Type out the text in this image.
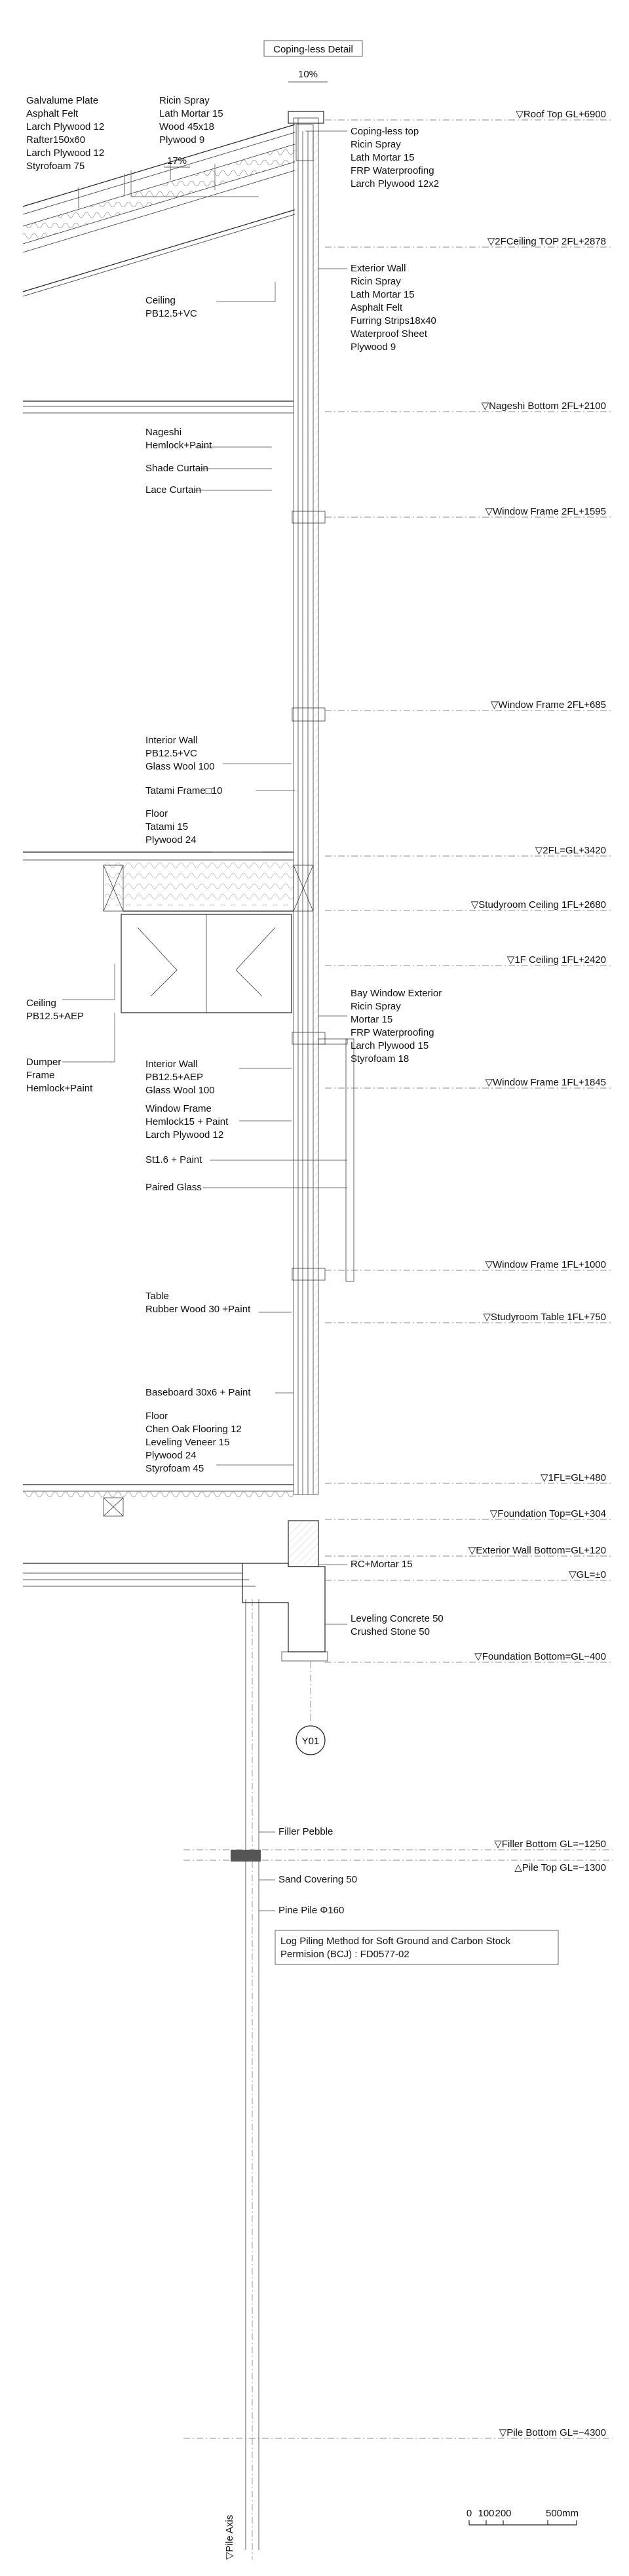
Coping-less Detail
10%
17%
Y01
▽Pile Axis
▽Roof Top GL+6900
▽2FCeiling TOP 2FL+2878
▽Nageshi Bottom 2FL+2100
▽Window Frame 2FL+1595
▽Window Frame 2FL+685
▽2FL=GL+3420
▽Studyroom Ceiling 1FL+2680
▽1F Ceiling 1FL+2420
▽Window Frame 1FL+1845
▽Window Frame 1FL+1000
▽Studyroom Table 1FL+750
▽1FL=GL+480
▽Foundation Top=GL+304
▽Exterior Wall Bottom=GL+120
▽GL=±0
▽Foundation Bottom=GL−400
▽Filler Bottom GL=−1250
△Pile Top GL=−1300
▽Pile Bottom GL=−4300
Galvalume Plate Asphalt Felt Larch Plywood 12 Rafter150x60 Larch Plywood 12 Styrofoam 75
Ricin Spray Lath Mortar 15 Wood 45x18 Plywood 9
Coping-less top Ricin Spray Lath Mortar 15 FRP Waterproofing Larch Plywood 12x2
Ceiling PB12.5+VC
Exterior Wall Ricin Spray Lath Mortar 15 Asphalt Felt Furring Strips18x40 Waterproof Sheet Plywood 9
Nageshi Hemlock+Paint
Shade Curtain
Lace Curtain
Interior Wall PB12.5+VC Glass Wool 100
Tatami Frame□10
Floor Tatami 15 Plywood 24
Bay Window Exterior Ricin Spray Mortar 15 FRP Waterproofing Larch Plywood 15 Styrofoam 18
Ceiling PB12.5+AEP
Dumper Frame Hemlock+Paint
Interior Wall PB12.5+AEP Glass Wool 100
Window Frame Hemlock15 + Paint Larch Plywood 12
St1.6 + Paint
Paired Glass
Table Rubber Wood 30 +Paint
Baseboard 30x6 + Paint
Floor Chen Oak Flooring 12 Leveling Veneer 15 Plywood 24 Styrofoam 45
RC+Mortar 15
Leveling Concrete 50 Crushed Stone 50
Filler Pebble
Sand Covering 50
Pine Pile Φ160
Log Piling Method for Soft Ground and Carbon Stock Permision (BCJ) : FD0577-02
0 100 200	500mm
